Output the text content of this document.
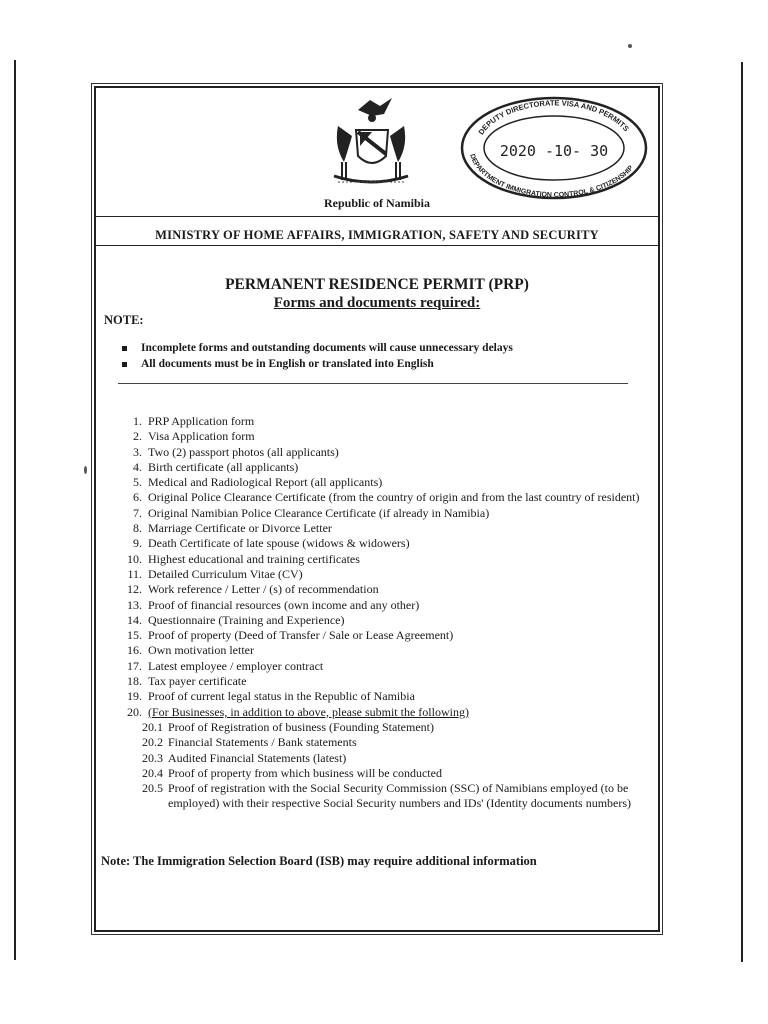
DEPUTY DIRECTORATE VISA AND PERMITS
DEPARTMENT IMMIGRATION CONTROL & CITIZENSHIP
2020 -10- 30
Republic of Namibia
MINISTRY OF HOME AFFAIRS, IMMIGRATION, SAFETY AND SECURITY
PERMANENT RESIDENCE PERMIT (PRP)
Forms and documents required:
NOTE:
Incomplete forms and outstanding documents will cause unnecessary delays
All documents must be in English or translated into English
1. PRP Application form
2. Visa Application form
3. Two (2) passport photos (all applicants)
4. Birth certificate (all applicants)
5. Medical and Radiological Report (all applicants)
6. Original Police Clearance Certificate (from the country of origin and from the last country of resident)
7. Original Namibian Police Clearance Certificate (if already in Namibia)
8. Marriage Certificate or Divorce Letter
9. Death Certificate of late spouse (widows & widowers)
10. Highest educational and training certificates
11. Detailed Curriculum Vitae (CV)
12. Work reference / Letter / (s) of recommendation
13. Proof of financial resources (own income and any other)
14. Questionnaire (Training and Experience)
15. Proof of property (Deed of Transfer / Sale or Lease Agreement)
16. Own motivation letter
17. Latest employee / employer contract
18. Tax payer certificate
19. Proof of current legal status in the Republic of Namibia
20. (For Businesses, in addition to above, please submit the following)
20.1 Proof of Registration of business (Founding Statement)
20.2 Financial Statements / Bank statements
20.3 Audited Financial Statements (latest)
20.4 Proof of property from which business will be conducted
20.5 Proof of registration with the Social Security Commission (SSC) of Namibians employed (to be employed) with their respective Social Security numbers and IDs' (Identity documents numbers)
Note: The Immigration Selection Board (ISB) may require additional information
